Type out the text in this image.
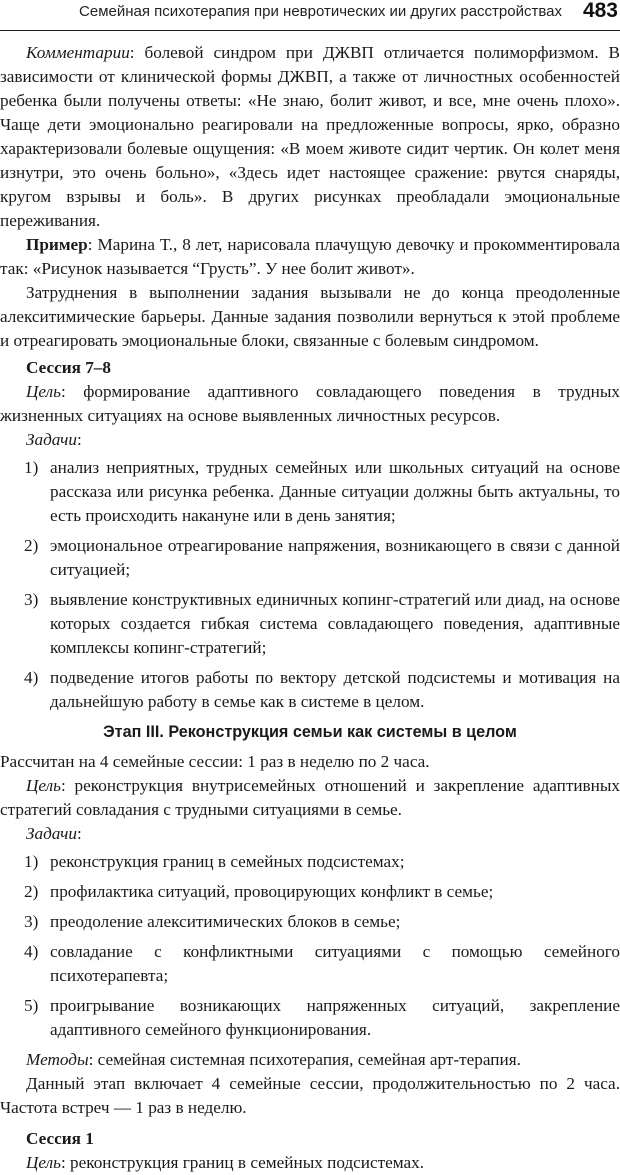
Семейная психотерапия при невротических ии других расстройствах 483

Комментарии: болевой синдром при ДЖВП отличается полиморфизмом. В зависимости от клинической формы ДЖВП, а также от личностных особенностей ребенка были получены ответы: «Не знаю, болит живот, и все, мне очень плохо». Чаще дети эмоционально реагировали на предложенные вопросы, ярко, образно характеризовали болевые ощущения: «В моем животе сидит чертик. Он колет меня изнутри, это очень больно», «Здесь идет настоящее сражение: рвутся снаряды, кругом взрывы и боль». В других рисунках преобладали эмоциональные переживания.

Пример: Марина Т., 8 лет, нарисовала плачущую девочку и прокомментировала так: «Рисунок называется “Грусть”. У нее болит живот».

Затруднения в выполнении задания вызывали не до конца преодоленные алекситимические барьеры. Данные задания позволили вернуться к этой проблеме и отреагировать эмоциональные блоки, связанные с болевым синдромом.

Сессия 7–8

Цель: формирование адаптивного совладающего поведения в трудных жизненных ситуациях на основе выявленных личностных ресурсов.

Задачи:

1) анализ неприятных, трудных семейных или школьных ситуаций на основе рассказа или рисунка ребенка. Данные ситуации должны быть актуальны, то есть происходить накануне или в день занятия;
2) эмоциональное отреагирование напряжения, возникающего в связи с данной ситуацией;
3) выявление конструктивных единичных копинг-стратегий или диад, на основе которых создается гибкая система совладающего поведения, адаптивные комплексы копинг-стратегий;
4) подведение итогов работы по вектору детской подсистемы и мотивация на дальнейшую работу в семье как в системе в целом.
Этап III. Реконструкция семьи как системы в целом

Рассчитан на 4 семейные сессии: 1 раз в неделю по 2 часа.

Цель: реконструкция внутрисемейных отношений и закрепление адаптивных стратегий совладания с трудными ситуациями в семье.

Задачи:

1) реконструкция границ в семейных подсистемах;
2) профилактика ситуаций, провоцирующих конфликт в семье;
3) преодоление алекситимических блоков в семье;
4) совладание с конфликтными ситуациями с помощью семейного психотерапевта;
5) проигрывание возникающих напряженных ситуаций, закрепление адаптивного семейного функционирования.

Методы: семейная системная психотерапия, семейная арт-терапия.

Данный этап включает 4 семейные сессии, продолжительностью по 2 часа. Частота встреч — 1 раз в неделю.

Сессия 1

Цель: реконструкция границ в семейных подсистемах.
